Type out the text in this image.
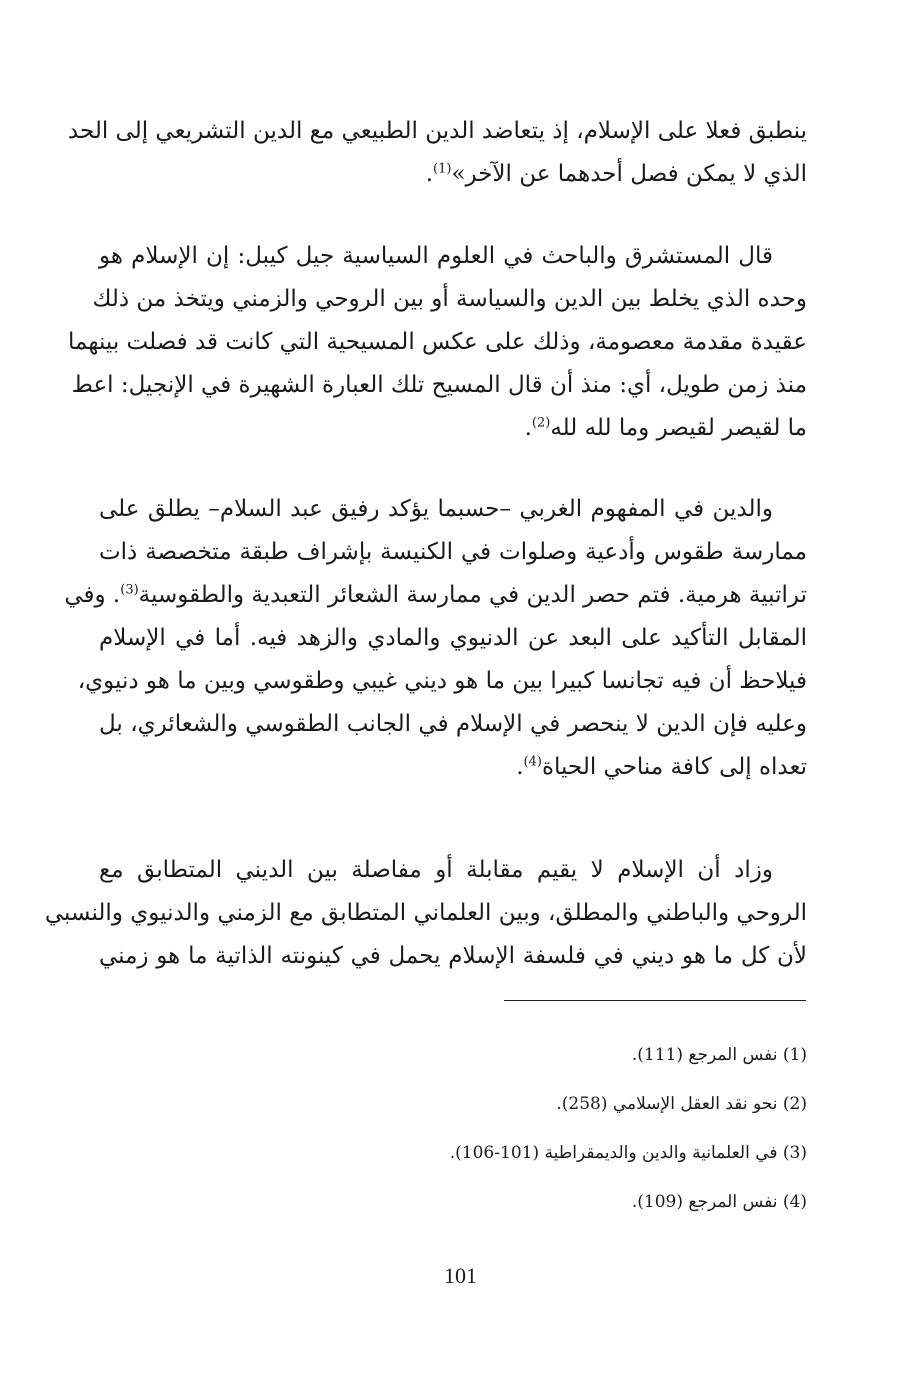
ينطبق فعلا على الإسلام، إذ يتعاضد الدين الطبيعي مع الدين التشريعي إلى الحد
الذي لا يمكن فصل أحدهما عن الآخر»$^{(1)}$.
قال المستشرق والباحث في العلوم السياسية جيل كيبل: إن الإسلام هو
وحده الذي يخلط بين الدين والسياسة أو بين الروحي والزمني ويتخذ من ذلك
عقيدة مقدمة معصومة، وذلك على عكس المسيحية التي كانت قد فصلت بينهما
منذ زمن طويل، أي: منذ أن قال المسيح تلك العبارة الشهيرة في الإنجيل: اعط
ما لقيصر لقيصر وما لله لله$^{(2)}$.
والدين في المفهوم الغربي –حسبما يؤكد رفيق عبد السلام– يطلق على
ممارسة طقوس وأدعية وصلوات في الكنيسة بإشراف طبقة متخصصة ذات
تراتبية هرمية. فتم حصر الدين في ممارسة الشعائر التعبدية والطقوسية$^{(3)}$. وفي
المقابل التأكيد على البعد عن الدنيوي والمادي والزهد فيه. أما في الإسلام
فيلاحظ أن فيه تجانسا كبيرا بين ما هو ديني غيبي وطقوسي وبين ما هو دنيوي،
وعليه فإن الدين لا ينحصر في الإسلام في الجانب الطقوسي والشعائري، بل
تعداه إلى كافة مناحي الحياة$^{(4)}$.
وزاد أن الإسلام لا يقيم مقابلة أو مفاصلة بين الديني المتطابق مع
الروحي والباطني والمطلق، وبين العلماني المتطابق مع الزمني والدنيوي والنسبي
لأن كل ما هو ديني في فلسفة الإسلام يحمل في كينونته الذاتية ما هو زمني
(1) نفس المرجع (111).
(2) نحو نقد العقل الإسلامي (258).
(3) في العلمانية والدين والديمقراطية (101-106).
(4) نفس المرجع (109).
101
